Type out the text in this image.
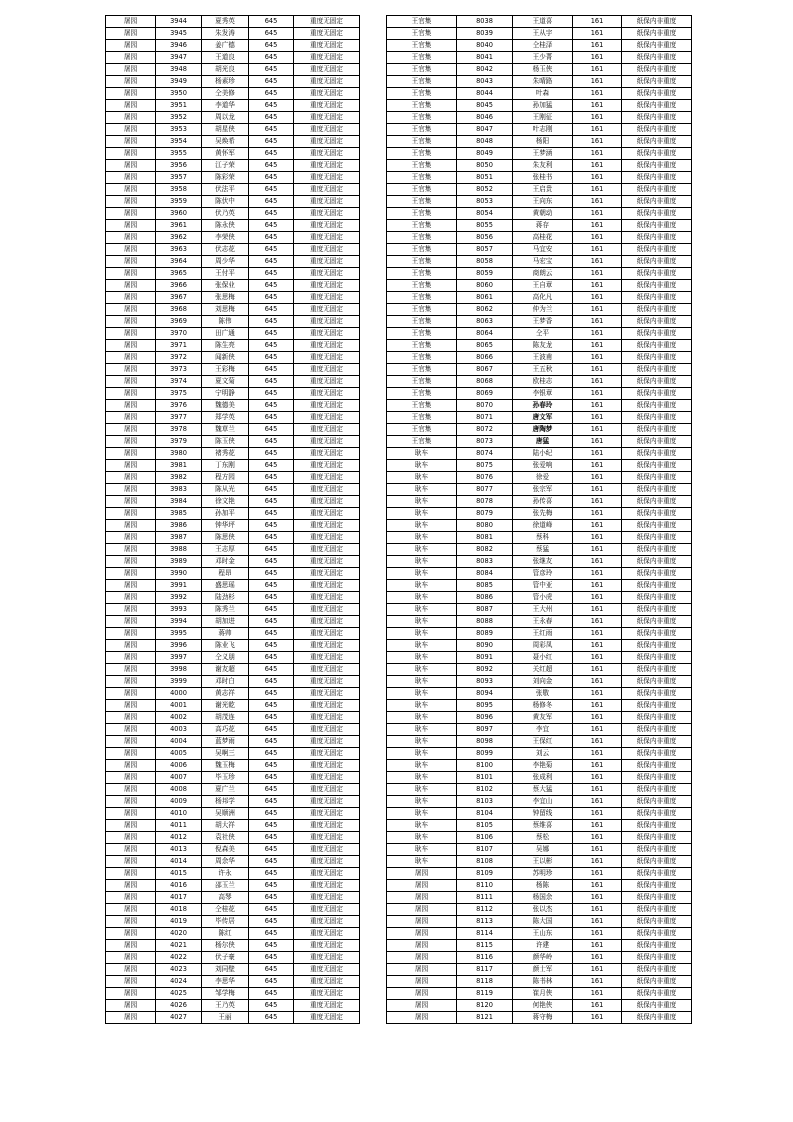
屠园	3944	夏秀英	645	重度无固定
屠园	3945	朱发涛	645	重度无固定
屠园	3946	姜广德	645	重度无固定
屠园	3947	王道良	645	重度无固定
屠园	3948	胡光良	645	重度无固定
屠园	3949	杨素珍	645	重度无固定
屠园	3950	仝美修	645	重度无固定
屠园	3951	李道华	645	重度无固定
屠园	3952	周以龙	645	重度无固定
屠园	3953	胡星侠	645	重度无固定
屠园	3954	吴焕希	645	重度无固定
屠园	3955	黄怀军	645	重度无固定
屠园	3956	江子荣	645	重度无固定
屠园	3957	陈彩荣	645	重度无固定
屠园	3958	伏法平	645	重度无固定
屠园	3959	陈伏中	645	重度无固定
屠园	3960	伏乃英	645	重度无固定
屠园	3961	陈永侠	645	重度无固定
屠园	3962	李荣侠	645	重度无固定
屠园	3963	伏志花	645	重度无固定
屠园	3964	周少华	645	重度无固定
屠园	3965	王付平	645	重度无固定
屠园	3966	张保业	645	重度无固定
屠园	3967	张思梅	645	重度无固定
屠园	3968	刘思梅	645	重度无固定
屠园	3969	陈伟	645	重度无固定
屠园	3970	田广通	645	重度无固定
屠园	3971	陈生亮	645	重度无固定
屠园	3972	闻新侠	645	重度无固定
屠园	3973	王彩梅	645	重度无固定
屠园	3974	夏文菊	645	重度无固定
屠园	3975	宁明静	645	重度无固定
屠园	3976	魏德美	645	重度无固定
屠园	3977	郑学英	645	重度无固定
屠园	3978	魏草兰	645	重度无固定
屠园	3979	陈玉侠	645	重度无固定
屠园	3980	褚秀花	645	重度无固定
屠园	3981	丁东刚	645	重度无固定
屠园	3982	程方园	645	重度无固定
屠园	3983	陈从光	645	重度无固定
屠园	3984	徐文艳	645	重度无固定
屠园	3985	孙加平	645	重度无固定
屠园	3986	钟华坪	645	重度无固定
屠园	3987	陈思侠	645	重度无固定
屠园	3988	王志厚	645	重度无固定
屠园	3989	邓时金	645	重度无固定
屠园	3990	程昂	645	重度无固定
屠园	3991	盛思瑶	645	重度无固定
屠园	3992	陆劲杉	645	重度无固定
屠园	3993	陈秀兰	645	重度无固定
屠园	3994	胡加进	645	重度无固定
屠园	3995	蒋帅	645	重度无固定
屠园	3996	陈业飞	645	重度无固定
屠园	3997	仝义朋	645	重度无固定
屠园	3998	谢友超	645	重度无固定
屠园	3999	邓时白	645	重度无固定
屠园	4000	黄志祥	645	重度无固定
屠园	4001	谢光乾	645	重度无固定
屠园	4002	胡茂连	645	重度无固定
屠园	4003	高巧花	645	重度无固定
屠园	4004	蓝梦雨	645	重度无固定
屠园	4005	吴啊三	645	重度无固定
屠园	4006	魏玉梅	645	重度无固定
屠园	4007	毕玉珍	645	重度无固定
屠园	4008	夏广兰	645	重度无固定
屠园	4009	杨邦学	645	重度无固定
屠园	4010	吴顺洲	645	重度无固定
屠园	4011	胡大祥	645	重度无固定
屠园	4012	袁社侠	645	重度无固定
屠园	4013	倪森美	645	重度无固定
屠园	4014	周余华	645	重度无固定
屠园	4015	许永	645	重度无固定
屠园	4016	邵玉兰	645	重度无固定
屠园	4017	高琴	645	重度无固定
屠园	4018	仝桂花	645	重度无固定
屠园	4019	毕传居	645	重度无固定
屠园	4020	陈红	645	重度无固定
屠园	4021	杨尔侠	645	重度无固定
屠园	4022	伏子豪	645	重度无固定
屠园	4023	刘同壁	645	重度无固定
屠园	4024	李思华	645	重度无固定
屠园	4025	邹学梅	645	重度无固定
屠园	4026	王乃英	645	重度无固定
屠园	4027	王丽	645	重度无固定
王官集	8038	王道喜	161	纸保内非重度
王官集	8039	王从宇	161	纸保内非重度
王官集	8040	仝桂泽	161	纸保内非重度
王官集	8041	王少菁	161	纸保内非重度
王官集	8042	杨玉侠	161	纸保内非重度
王官集	8043	朱晴路	161	纸保内非重度
王官集	8044	叶森	161	纸保内非重度
王官集	8045	孙加猛	161	纸保内非重度
王官集	8046	王刚征	161	纸保内非重度
王官集	8047	叶志刚	161	纸保内非重度
王官集	8048	杨阳	161	纸保内非重度
王官集	8049	王梦涵	161	纸保内非重度
王官集	8050	朱友利	161	纸保内非重度
王官集	8051	张桂书	161	纸保内非重度
王官集	8052	王启贵	161	纸保内非重度
王官集	8053	王向东	161	纸保内非重度
王官集	8054	黄朝动	161	纸保内非重度
王官集	8055	蒋存	161	纸保内非重度
王官集	8056	高桂花	161	纸保内非重度
王官集	8057	马宜安	161	纸保内非重度
王官集	8058	马宏宝	161	纸保内非重度
王官集	8059	商朗云	161	纸保内非重度
王官集	8060	王自章	161	纸保内非重度
王官集	8061	高化凡	161	纸保内非重度
王官集	8062	仲为兰	161	纸保内非重度
王官集	8063	王梦香	161	纸保内非重度
王官集	8064	仝平	161	纸保内非重度
王官集	8065	陈友龙	161	纸保内非重度
王官集	8066	王波甫	161	纸保内非重度
王官集	8067	王五秋	161	纸保内非重度
王官集	8068	欧桂志	161	纸保内非重度
王官集	8069	李银章	161	纸保内非重度
王官集	8070	孙春玲	161	纸保内非重度
王官集	8071	唐文军	161	纸保内非重度
王官集	8072	唐陶梦	161	纸保内非重度
王官集	8073	唐猛	161	纸保内非重度
耿车	8074	陆小纪	161	纸保内非重度
耿车	8075	张爱响	161	纸保内非重度
耿车	8076	徐爱	161	纸保内非重度
耿车	8077	张宗军	161	纸保内非重度
耿车	8078	孙传喜	161	纸保内非重度
耿车	8079	张先梅	161	纸保内非重度
耿车	8080	徐道峰	161	纸保内非重度
耿车	8081	蔡科	161	纸保内非重度
耿车	8082	蔡猛	161	纸保内非重度
耿车	8083	张继友	161	纸保内非重度
耿车	8084	管彦玲	161	纸保内非重度
耿车	8085	管中亚	161	纸保内非重度
耿车	8086	管小虎	161	纸保内非重度
耿车	8087	王大州	161	纸保内非重度
耿车	8088	王永春	161	纸保内非重度
耿车	8089	王红雨	161	纸保内非重度
耿车	8090	周彩凤	161	纸保内非重度
耿车	8091	聂小红	161	纸保内非重度
耿车	8092	关红超	161	纸保内非重度
耿车	8093	刘向金	161	纸保内非重度
耿车	8094	张敬	161	纸保内非重度
耿车	8095	杨修冬	161	纸保内非重度
耿车	8096	黄友军	161	纸保内非重度
耿车	8097	李宜	161	纸保内非重度
耿车	8098	王保红	161	纸保内非重度
耿车	8099	刘云	161	纸保内非重度
耿车	8100	李艳菊	161	纸保内非重度
耿车	8101	张成利	161	纸保内非重度
耿车	8102	蔡大猛	161	纸保内非重度
耿车	8103	李宜山	161	纸保内非重度
耿车	8104	钟留线	161	纸保内非重度
耿车	8105	蔡维喜	161	纸保内非重度
耿车	8106	蔡松	161	纸保内非重度
耿车	8107	吴娜	161	纸保内非重度
耿车	8108	王以彬	161	纸保内非重度
屠园	8109	苏明珍	161	纸保内非重度
屠园	8110	杨陈	161	纸保内非重度
屠园	8111	杨国余	161	纸保内非重度
屠园	8112	张以杰	161	纸保内非重度
屠园	8113	陈大国	161	纸保内非重度
屠园	8114	王山东	161	纸保内非重度
屠园	8115	许建	161	纸保内非重度
屠园	8116	颜华岭	161	纸保内非重度
屠园	8117	颜士军	161	纸保内非重度
屠园	8118	陈书林	161	纸保内非重度
屠园	8119	崔月侠	161	纸保内非重度
屠园	8120	何艳侠	161	纸保内非重度
屠园	8121	蒋守梅	161	纸保内非重度
